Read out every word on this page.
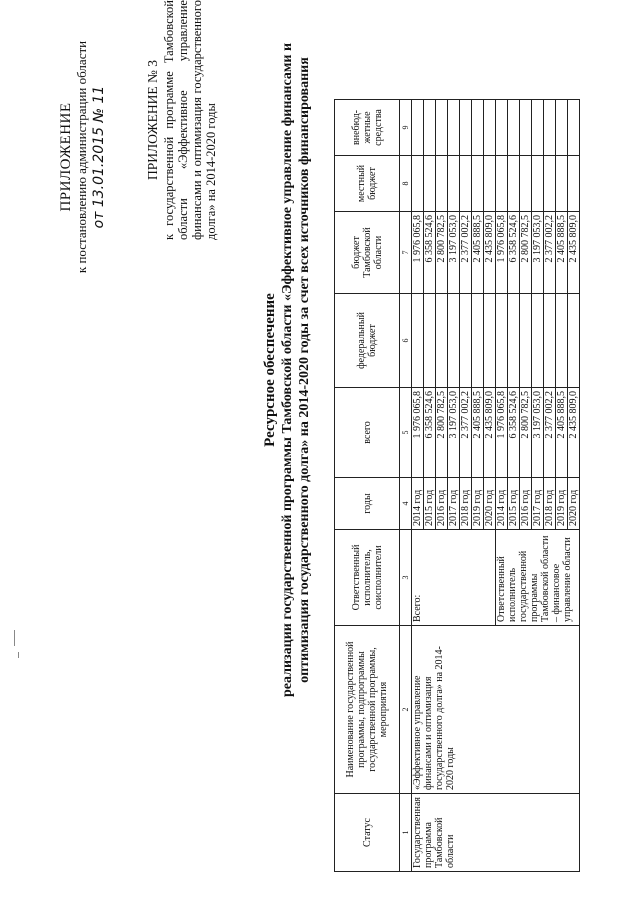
ПРИЛОЖЕНИЕ к постановлению администрации области от 13.01.2015 № 11	ПРИЛОЖЕНИЕ № 3 к государственной программе Тамбовской области «Эффективное управление финансами и оптимизация государственного долга» на 2014-2020 годы
Ресурсное обеспечение реализации государственной программы Тамбовской области «Эффективное управление финансами и оптимизация государственного долга» на 2014-2020 годы за счет всех источников финансирования
Статус	Наименование государственной программы, подпрограммы государственной программы, мероприятия	Ответственный исполнитель, соисполнители	годы	всего	федеральный бюджет	бюджет Тамбовской области	местный бюджет	внебюд-жетные средства
1	2	3	4	5	6	7	8	9
Государственная программа Тамбовской области	«Эффективное управление финансами и оптимизация государственного долга» на 2014-2020 годы	Всего:	2014 год	1 976 065,8		1 976 065,8		
			2015 год	6 358 524,6		6 358 524,6		
			2016 год	2 800 782,5		2 800 782,5		
			2017 год	3 197 053,0		3 197 053,0		
			2018 год	2 377 002,2		2 377 002,2		
			2019 год	2 405 888,5		2 405 888,5		
			2020 год	2 435 809,0		2 435 809,0		
		Ответственный исполнитель государственной программы Тамбовской области – финансовое управление области	2014 год	1 976 065,8		1 976 065,8		
			2015 год	6 358 524,6		6 358 524,6		
			2016 год	2 800 782,5		2 800 782,5		
			2017 год	3 197 053,0		3 197 053,0		
			2018 год	2 377 002,2		2 377 002,2		
			2019 год	2 405 888,5		2 405 888,5		
			2020 год	2 435 809,0		2 435 809,0		
